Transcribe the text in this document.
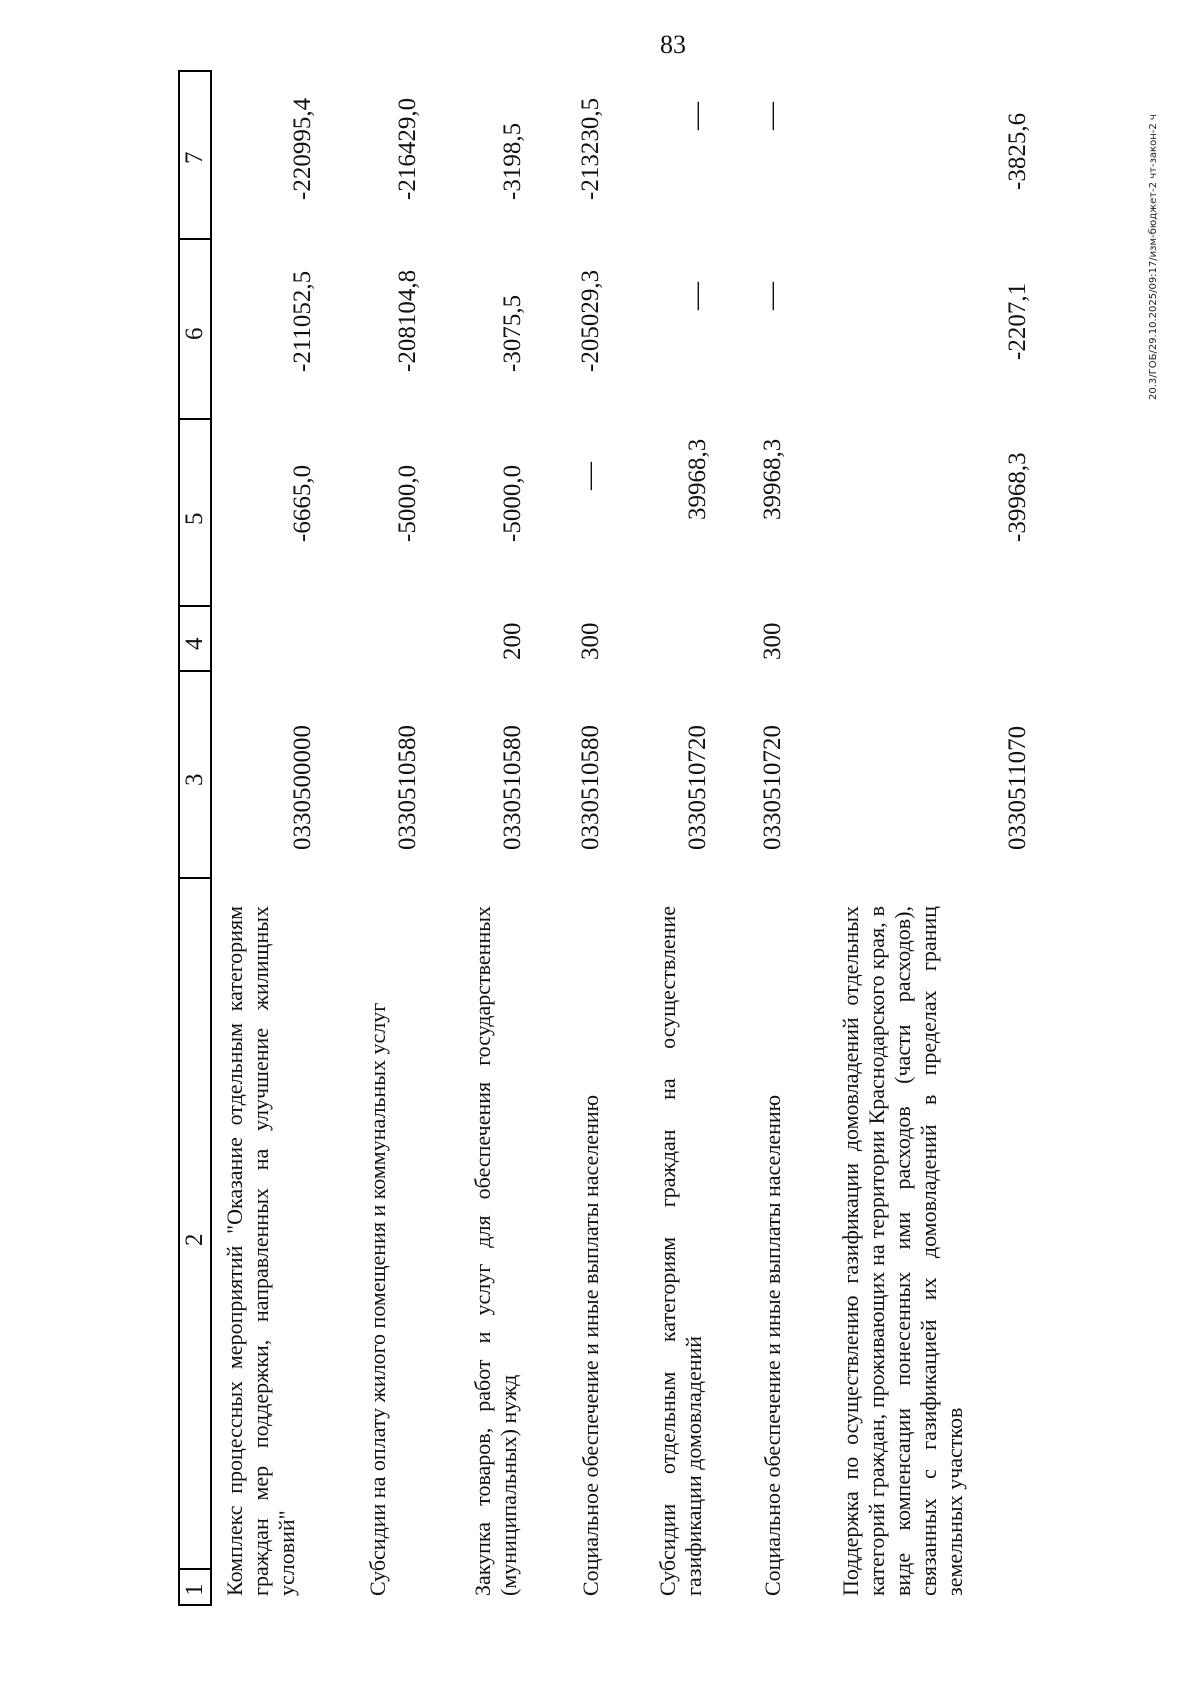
83
1
2
3
4
5
6
7
Комплекс процессных мероприятий "Оказание отдельным категориям граждан мер поддержки, направленных на улучшение жилищных условий"
0330500000
-6665,0
-211052,5
-220995,4
Субсидии на оплату жилого помещения и коммунальных услуг
0330510580
-5000,0
-208104,8
-216429,0
Закупка товаров, работ и услуг для обеспечения государственных (муниципальных) нужд
0330510580
200
-5000,0
-3075,5
-3198,5
Социальное обеспечение и иные выплаты населению
0330510580
300
—
-205029,3
-213230,5
Субсидии отдельным категориям граждан на осуществление газификации домовладений
0330510720
39968,3
—
—
Социальное обеспечение и иные выплаты населению
0330510720
300
39968,3
—
—
Поддержка по осуществлению газификации домовладений отдельных категорий граждан, проживающих на территории Краснодарского края, в виде компенсации понесенных ими расходов (части расходов), связанных с газификацией их домовладений в пределах границ земельных участков
0330511070
-39968,3
-2207,1
-3825,6	20.3/ГОБ/29.10.2025/09:17/изм-бюджет-2 чт-закон-2 ч
